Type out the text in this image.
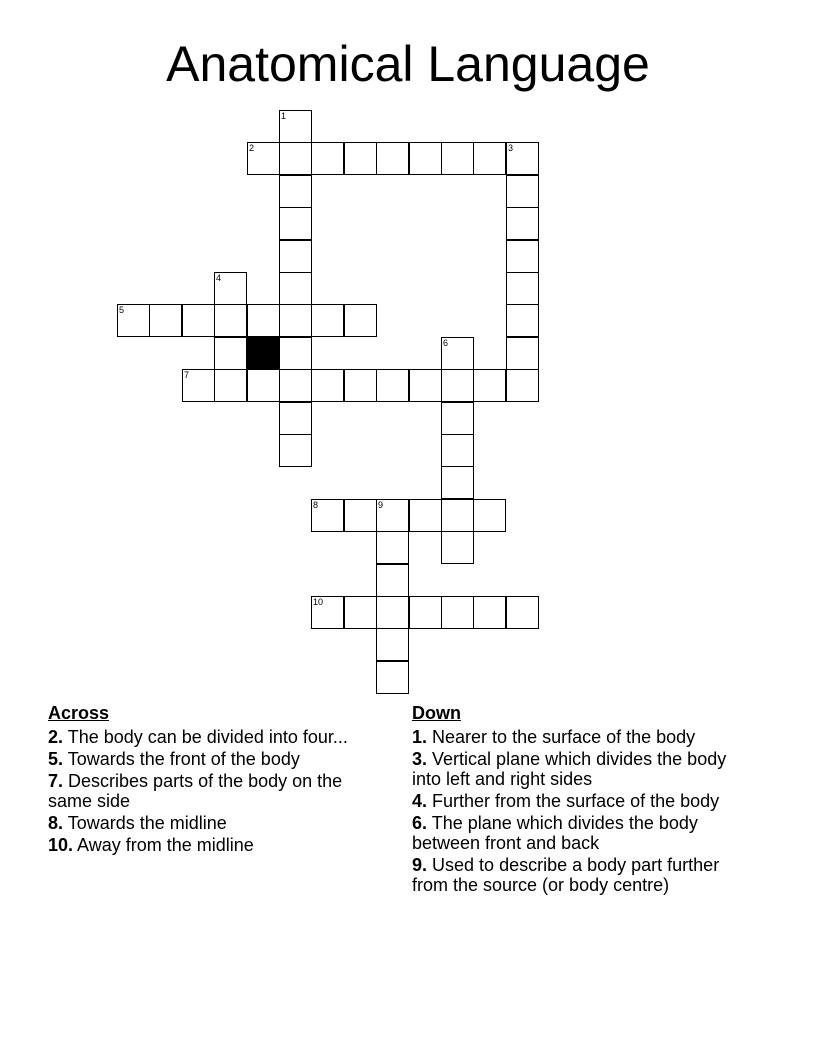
Anatomical Language
1
2	3
4
5
6
7
8	9
10
Across
2. The body can be divided into four...
5. Towards the front of the body
7. Describes parts of the body on the same side
8. Towards the midline
10. Away from the midline
Down
1. Nearer to the surface of the body
3. Vertical plane which divides the body into left and right sides
4. Further from the surface of the body
6. The plane which divides the body between front and back
9. Used to describe a body part further from the source (or body centre)
